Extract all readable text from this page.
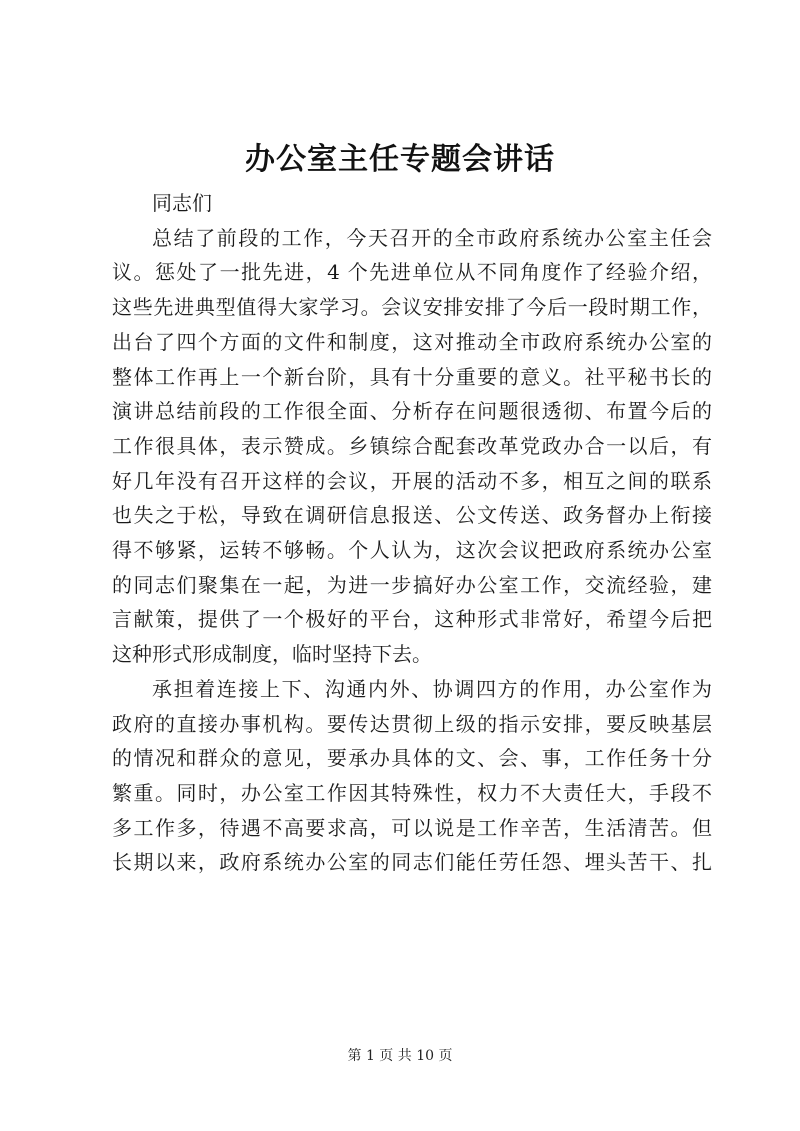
办公室主任专题会讲话

同志们

总结了前段的工作，今天召开的全市政府系统办公室主任会
议。惩处了一批先进，4 个先进单位从不同角度作了经验介绍，
这些先进典型值得大家学习。会议安排安排了今后一段时期工作，
出台了四个方面的文件和制度，这对推动全市政府系统办公室的
整体工作再上一个新台阶，具有十分重要的意义。社平秘书长的
演讲总结前段的工作很全面、分析存在问题很透彻、布置今后的
工作很具体，表示赞成。乡镇综合配套改革党政办合一以后，有
好几年没有召开这样的会议，开展的活动不多，相互之间的联系
也失之于松，导致在调研信息报送、公文传送、政务督办上衔接
得不够紧，运转不够畅。个人认为，这次会议把政府系统办公室
的同志们聚集在一起，为进一步搞好办公室工作，交流经验，建
言献策，提供了一个极好的平台，这种形式非常好，希望今后把
这种形式形成制度，临时坚持下去。

承担着连接上下、沟通内外、协调四方的作用，办公室作为
政府的直接办事机构。要传达贯彻上级的指示安排，要反映基层
的情况和群众的意见，要承办具体的文、会、事，工作任务十分
繁重。同时，办公室工作因其特殊性，权力不大责任大，手段不
多工作多，待遇不高要求高，可以说是工作辛苦，生活清苦。但
长期以来，政府系统办公室的同志们能任劳任怨、埋头苦干、扎

第 1 页 共 10 页
